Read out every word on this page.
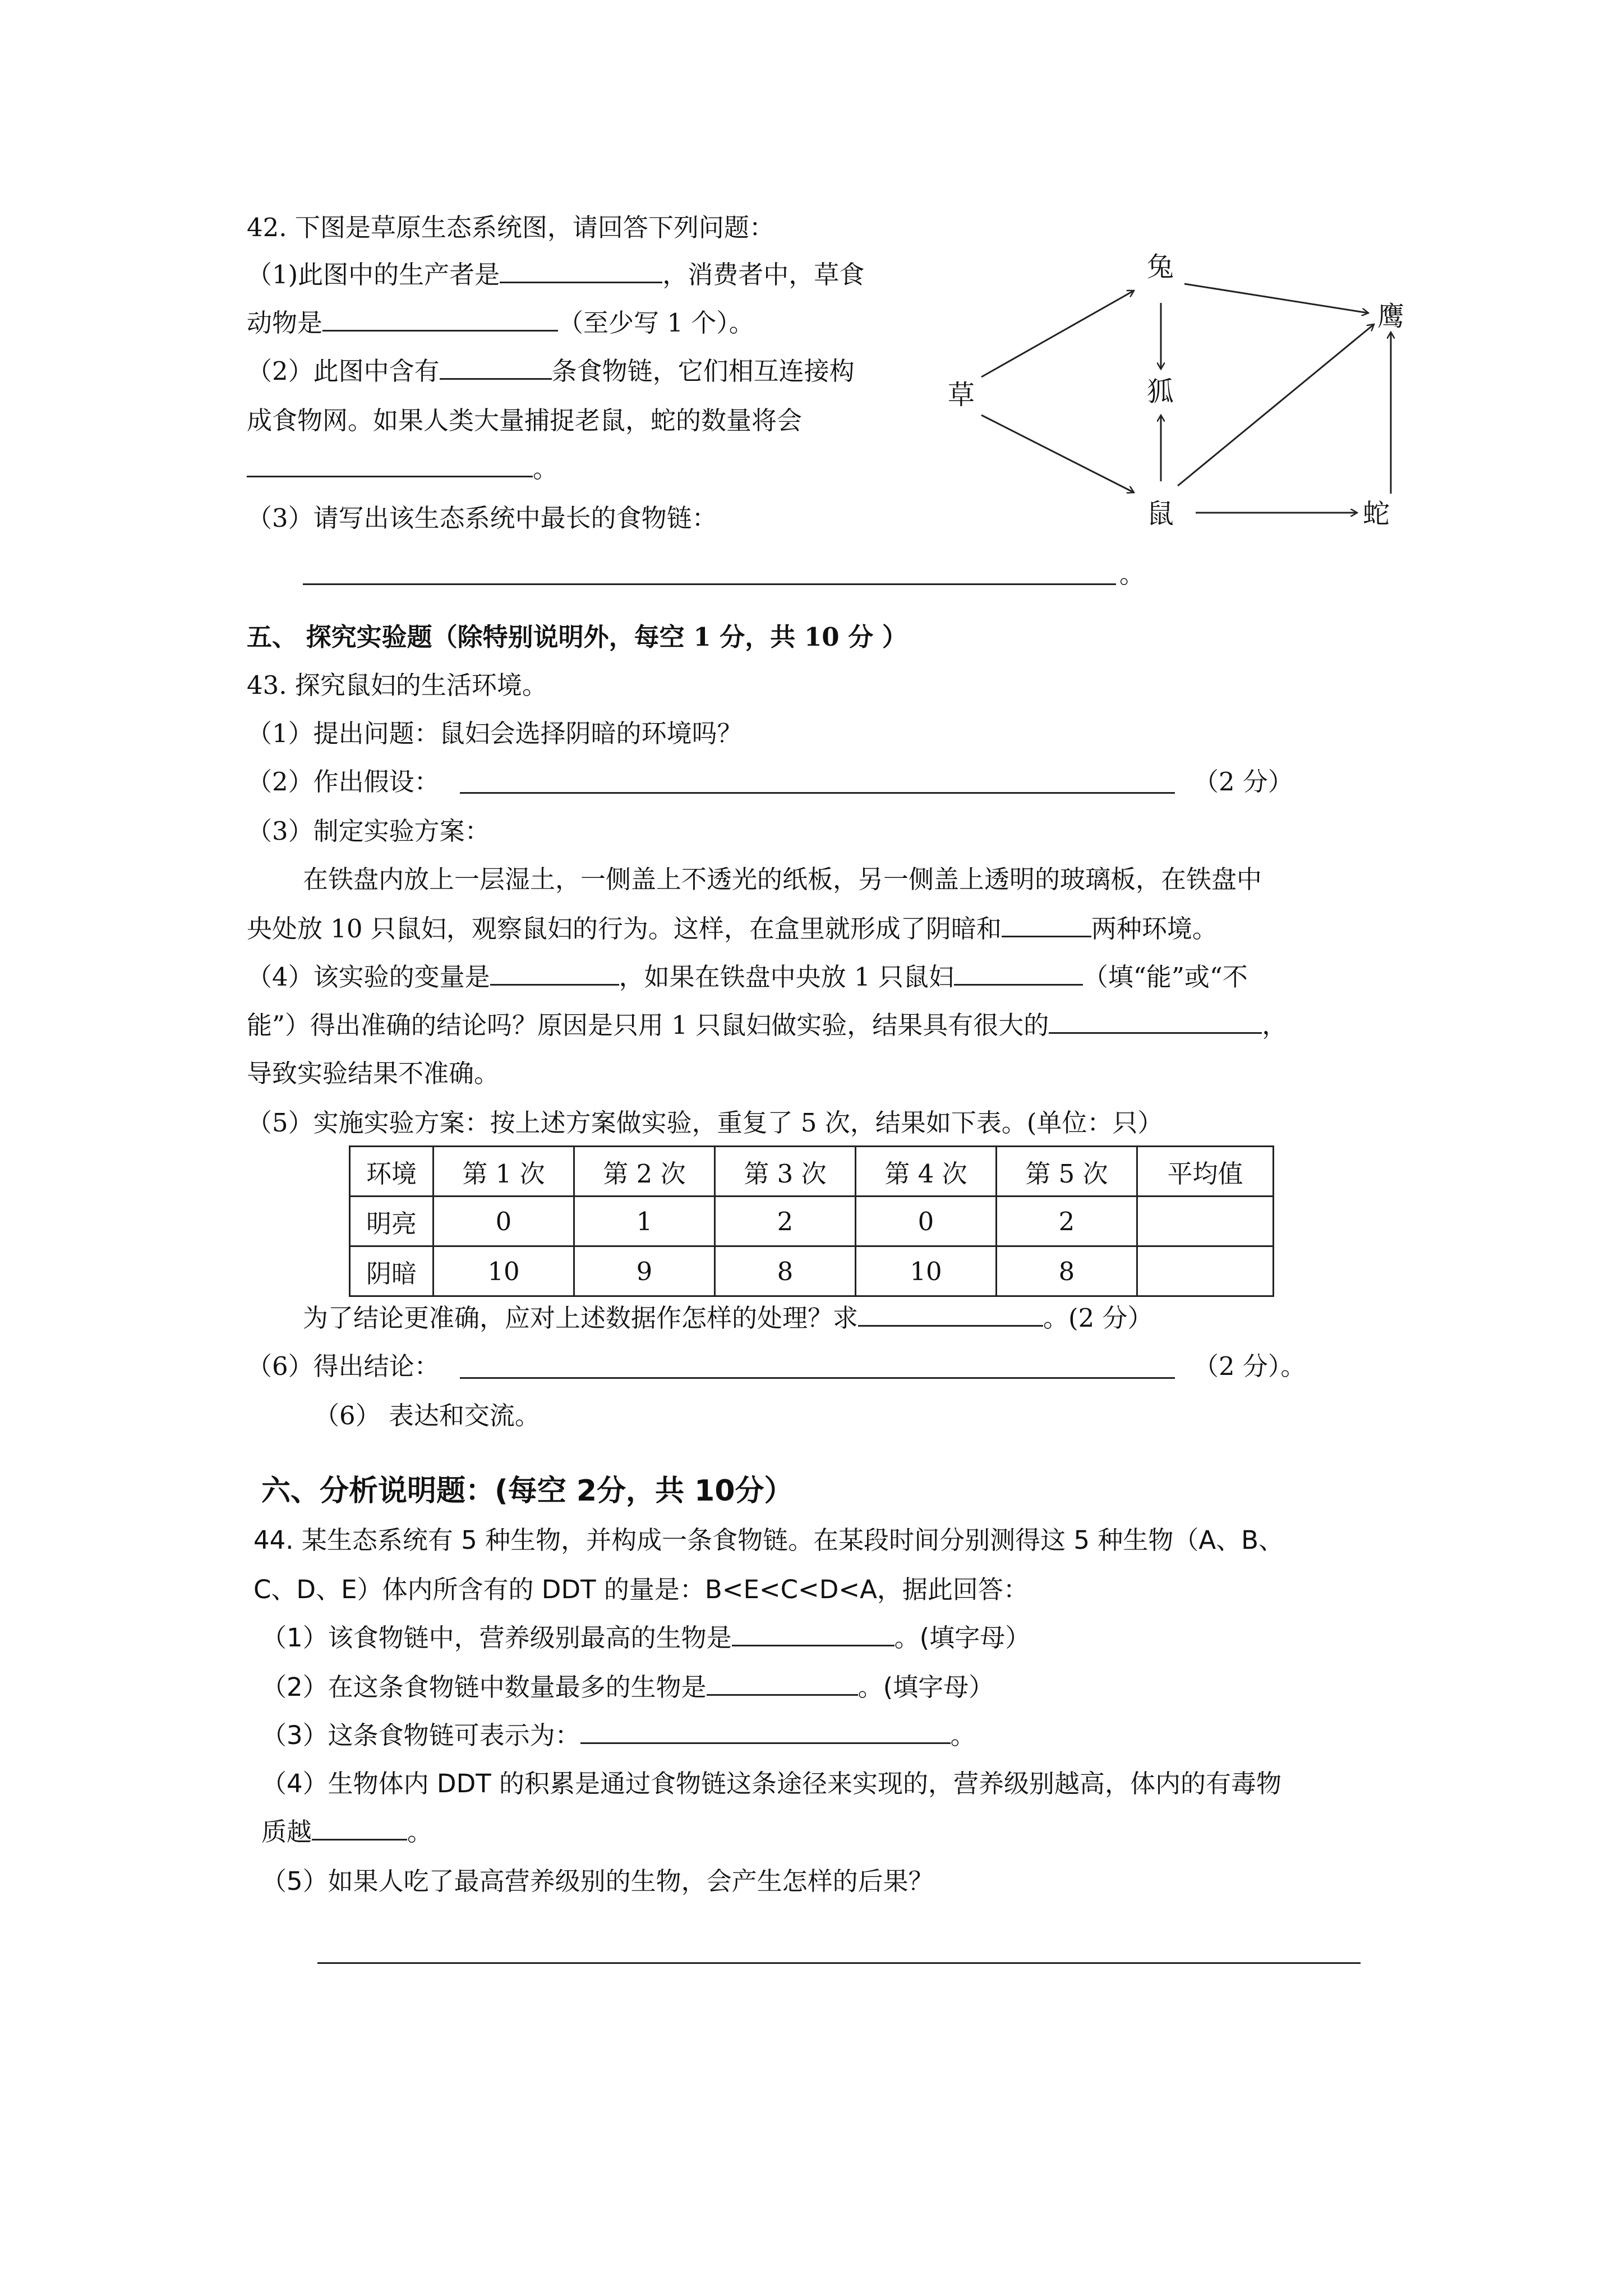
42. 下图是草原生态系统图，请回答下列问题：
（1)此图中的生产者是	，消费者中，草食
动物是	（至少写 1 个）。
（2）此图中含有	条食物链，它们相互连接构
成食物网。如果人类大量捕捉老鼠，蛇的数量将会
。
（3）请写出该生态系统中最长的食物链：
。
草
兔
狐
鹰
鼠	蛇
五、 探究实验题（除特别说明外，每空 1 分，共 10 分 ）
43. 探究鼠妇的生活环境。
（1）提出问题：鼠妇会选择阴暗的环境吗？
（2）作出假设：	（2 分）
（3）制定实验方案：
在铁盘内放上一层湿土，一侧盖上不透光的纸板，另一侧盖上透明的玻璃板，在铁盘中
央处放 10 只鼠妇，观察鼠妇的行为。这样，在盒里就形成了阴暗和	两种环境。
（4）该实验的变量是	，如果在铁盘中央放 1 只鼠妇	（填“能”或“不
能”）得出准确的结论吗？原因是只用 1 只鼠妇做实验，结果具有很大的	，
导致实验结果不准确。
（5）实施实验方案：按上述方案做实验，重复了 5 次，结果如下表。(单位：只）
环境	第 1 次	第 2 次	第 3 次	第 4 次	第 5 次	平均值
明亮	0	1	2	0	2	
阴暗	10	9	8	10	8	
为了结论更准确，应对上述数据作怎样的处理？求	。(2 分）
（6）得出结论：	（2 分）。
（6） 表达和交流。
六、分析说明题：(每空 2分，共 10分）
44. 某生态系统有 5 种生物，并构成一条食物链。在某段时间分别测得这 5 种生物（A、B、
C、D、E）体内所含有的 DDT 的量是：B<E<C<D<A，据此回答：
（1）该食物链中，营养级别最高的生物是	。(填字母）
（2）在这条食物链中数量最多的生物是	。(填字母）
（3）这条食物链可表示为：	。
（4）生物体内 DDT 的积累是通过食物链这条途径来实现的，营养级别越高，体内的有毒物
质越	。
（5）如果人吃了最高营养级别的生物，会产生怎样的后果？
